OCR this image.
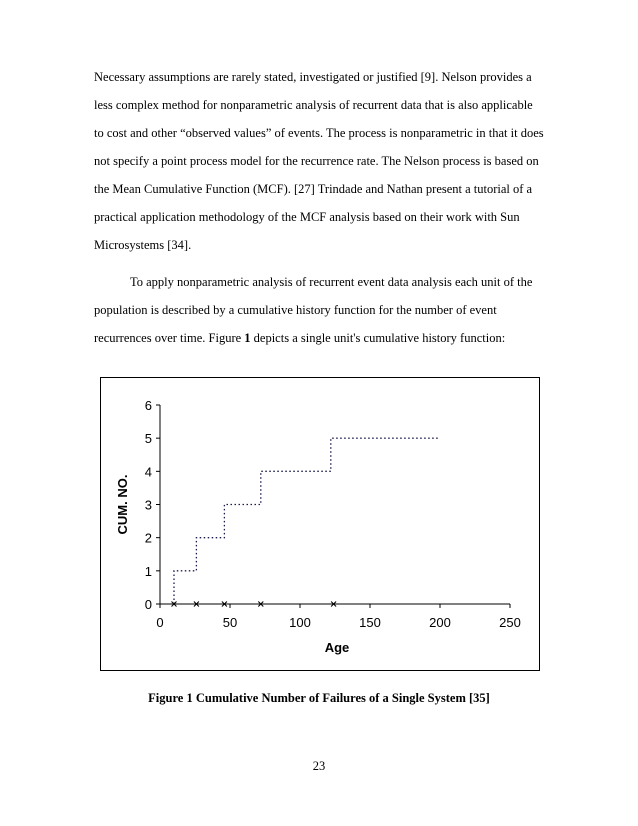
Necessary assumptions are rarely stated, investigated or justified [9]. Nelson provides a
less complex method for nonparametric analysis of recurrent data that is also applicable
to cost and other “observed values” of events. The process is nonparametric in that it does
not specify a point process model for the recurrence rate. The Nelson process is based on
the Mean Cumulative Function (MCF). [27] Trindade and Nathan present a tutorial of a
practical application methodology of the MCF analysis based on their work with Sun
Microsystems [34].
To apply nonparametric analysis of recurrent event data analysis each unit of the
population is described by a cumulative history function for the number of event
recurrences over time. Figure 1 depicts a single unit's cumulative history function:
0
1
2
3
4
5
6
0	50	100	150	200	250
Age
CUM. NO.
Figure 1 Cumulative Number of Failures of a Single System [35]
23
